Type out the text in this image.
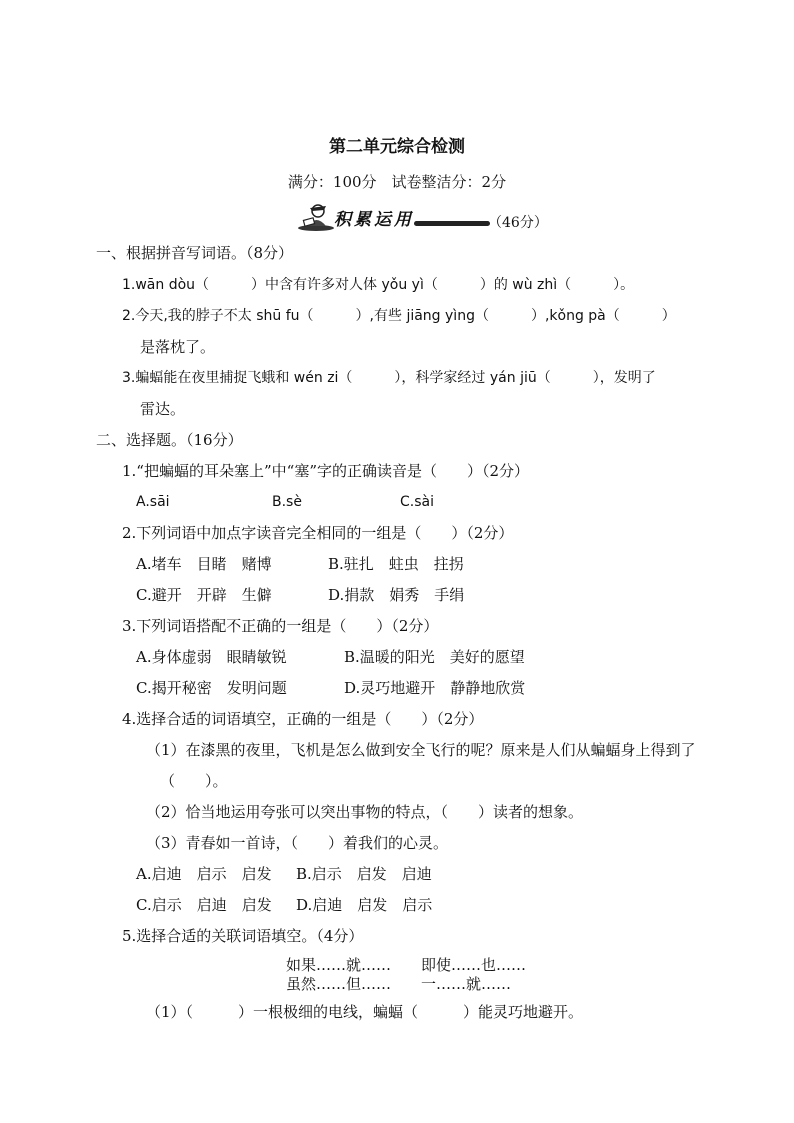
第二单元综合检测
满分：100分　试卷整洁分：2分
积累运用	（46分）
一、根据拼音写词语。（8分）
1.wān dòu（　　　）中含有许多对人体 yǒu yì（　　　）的 wù zhì（　　　）。
2.今天,我的脖子不太 shū fu（　　　）,有些 jiāng yìng（　　　）,kǒng pà（　　　）
是落枕了。
3.蝙蝠能在夜里捕捉飞蛾和 wén zi（　　　），科学家经过 yán jiū（　　　），发明了
雷达。
二、选择题。（16分）
1.“把蝙蝠的耳朵塞上”中“塞”字的正确读音是（　　）（2分）
A.sāi	B.sè	C.sài
2.下列词语中加点字读音完全相同的一组是（　　）（2分）
A.堵车　目睹　赌博	B.驻扎　蛀虫　拄拐
C.避开　开辟　生僻	D.捐款　娟秀　手绢
3.下列词语搭配不正确的一组是（　　）（2分）
A.身体虚弱　眼睛敏锐	B.温暖的阳光　美好的愿望
C.揭开秘密　发明问题	D.灵巧地避开　静静地欣赏
4.选择合适的词语填空，正确的一组是（　　）（2分）
（1）在漆黑的夜里，飞机是怎么做到安全飞行的呢？原来是人们从蝙蝠身上得到了
（　　）。
（2）恰当地运用夸张可以突出事物的特点，（　　）读者的想象。
（3）青春如一首诗，（　　）着我们的心灵。
A.启迪　启示　启发 B.启示　启发　启迪
C.启示　启迪　启发 D.启迪　启发　启示
5.选择合适的关联词语填空。（4分）
如果……就……　　即使……也……
虽然……但……　　一……就……
（1）（　　　）一根极细的电线，蝙蝠（　　　）能灵巧地避开。
